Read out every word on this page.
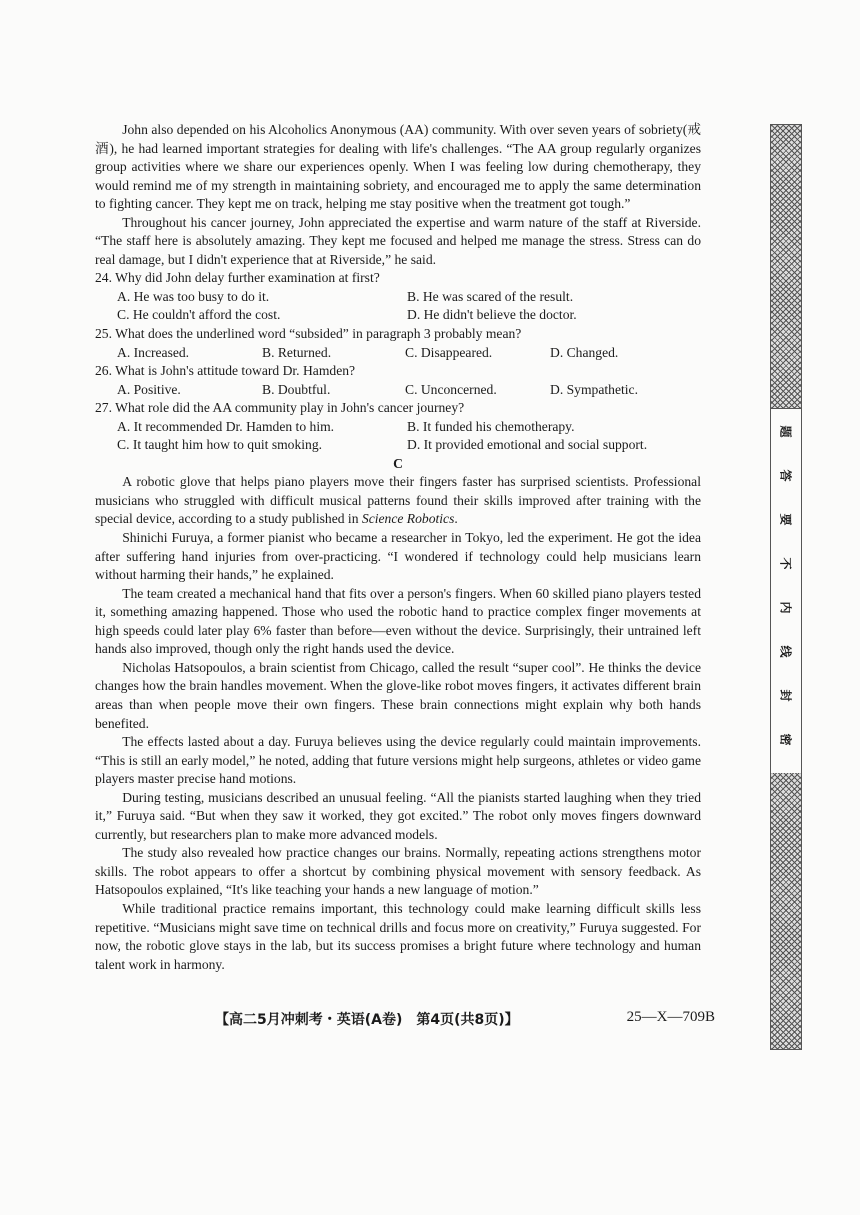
John also depended on his Alcoholics Anonymous (AA) community. With over seven years of sobriety(戒酒), he had learned important strategies for dealing with life's challenges. “The AA group regularly organizes group activities where we share our experiences openly. When I was feeling low during chemotherapy, they would remind me of my strength in maintaining sobriety, and encouraged me to apply the same determination to fighting cancer. They kept me on track, helping me stay positive when the treatment got tough.”

Throughout his cancer journey, John appreciated the expertise and warm nature of the staff at Riverside. “The staff here is absolutely amazing. They kept me focused and helped me manage the stress. Stress can do real damage, but I didn't experience that at Riverside,” he said.

24. Why did John delay further examination at first?

A. He was too busy to do it.	B. He was scared of the result.
C. He couldn't afford the cost.	D. He didn't believe the doctor.

25. What does the underlined word “subsided” in paragraph 3 probably mean?

A. Increased.	B. Returned.	C. Disappeared.	D. Changed.

26. What is John's attitude toward Dr. Hamden?

A. Positive.	B. Doubtful.	C. Unconcerned.	D. Sympathetic.

27. What role did the AA community play in John's cancer journey?

A. It recommended Dr. Hamden to him.	B. It funded his chemotherapy.
C. It taught him how to quit smoking.	D. It provided emotional and social support.

C

A robotic glove that helps piano players move their fingers faster has surprised scientists. Professional musicians who struggled with difficult musical patterns found their skills improved after training with the special device, according to a study published in Science Robotics.

Shinichi Furuya, a former pianist who became a researcher in Tokyo, led the experiment. He got the idea after suffering hand injuries from over-practicing. “I wondered if technology could help musicians learn without harming their hands,” he explained.

The team created a mechanical hand that fits over a person's fingers. When 60 skilled piano players tested it, something amazing happened. Those who used the robotic hand to practice complex finger movements at high speeds could later play 6% faster than before—even without the device. Surprisingly, their untrained left hands also improved, though only the right hands used the device.

Nicholas Hatsopoulos, a brain scientist from Chicago, called the result “super cool”. He thinks the device changes how the brain handles movement. When the glove-like robot moves fingers, it activates different brain areas than when people move their own fingers. These brain connections might explain why both hands benefited.

The effects lasted about a day. Furuya believes using the device regularly could maintain improvements. “This is still an early model,” he noted, adding that future versions might help surgeons, athletes or video game players master precise hand motions.

During testing, musicians described an unusual feeling. “All the pianists started laughing when they tried it,” Furuya said. “But when they saw it worked, they got excited.” The robot only moves fingers downward currently, but researchers plan to make more advanced models.

The study also revealed how practice changes our brains. Normally, repeating actions strengthens motor skills. The robot appears to offer a shortcut by combining physical movement with sensory feedback. As Hatsopoulos explained, “It's like teaching your hands a new language of motion.”

While traditional practice remains important, this technology could make learning difficult skills less repetitive. “Musicians might save time on technical drills and focus more on creativity,” Furuya suggested. For now, the robotic glove stays in the lab, but its success promises a bright future where technology and human talent work in harmony.

【高二5月冲刺考・英语(A卷)　第4页(共8页)】	25—X—709B
题
答
要
不
内
线
封
密
